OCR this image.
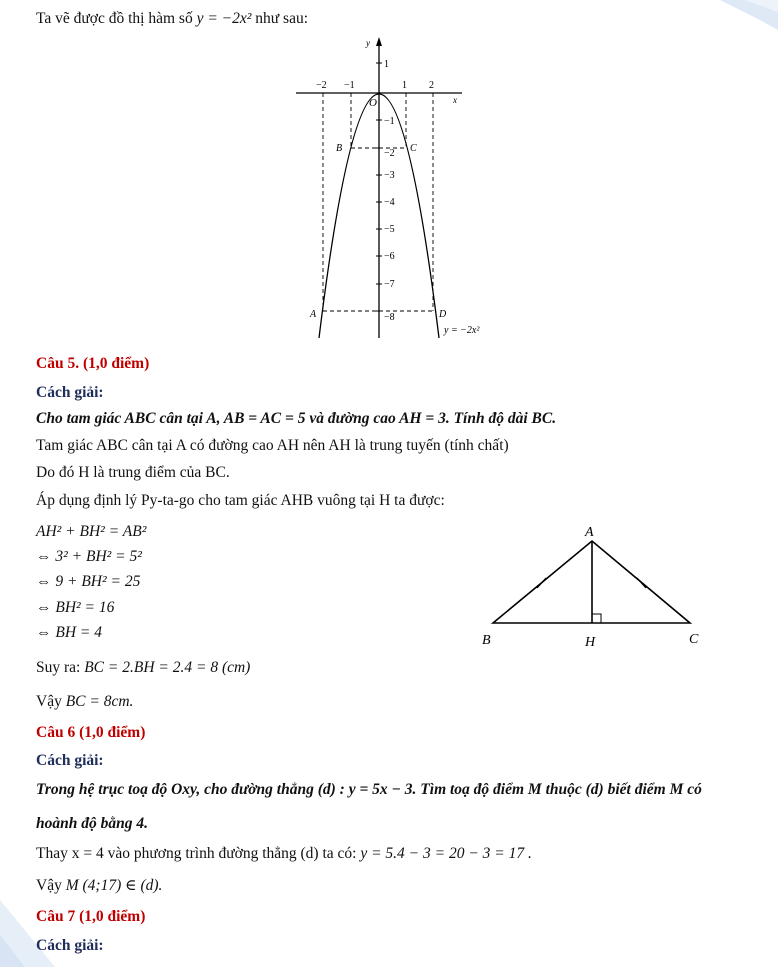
Ta vẽ được đồ thị hàm số y = −2x² như sau:
y
x
O
−2 −1	1 2
1
−1
−2
−3
−4
−5
−6
−7
−8
B	C
A	D
y = −2x²
Câu 5. (1,0 điểm)
Cách giải:
Cho tam giác ABC cân tại A, AB = AC = 5 và đường cao AH = 3. Tính độ dài BC.
Tam giác ABC cân tại A có đường cao AH nên AH là trung tuyến (tính chất)
Do đó H là trung điểm của BC.
Áp dụng định lý Py-ta-go cho tam giác AHB vuông tại H ta được:
AH² + BH² = AB²
⇔ 3² + BH² = 5²
⇔ 9 + BH² = 25
⇔ BH² = 16
⇔ BH = 4
Suy ra: BC = 2.BH = 2.4 = 8 (cm)
Vậy BC = 8cm.
A
B	H	C
Câu 6 (1,0 điểm)
Cách giải:
Trong hệ trục toạ độ Oxy, cho đường thẳng (d) : y = 5x − 3. Tìm toạ độ điểm M thuộc (d) biết điểm M có
hoành độ bằng 4.
Thay x = 4 vào phương trình đường thẳng (d) ta có: y = 5.4 − 3 = 20 − 3 = 17 .
Vậy M (4;17) ∈ (d).
Câu 7 (1,0 điểm)
Cách giải:
